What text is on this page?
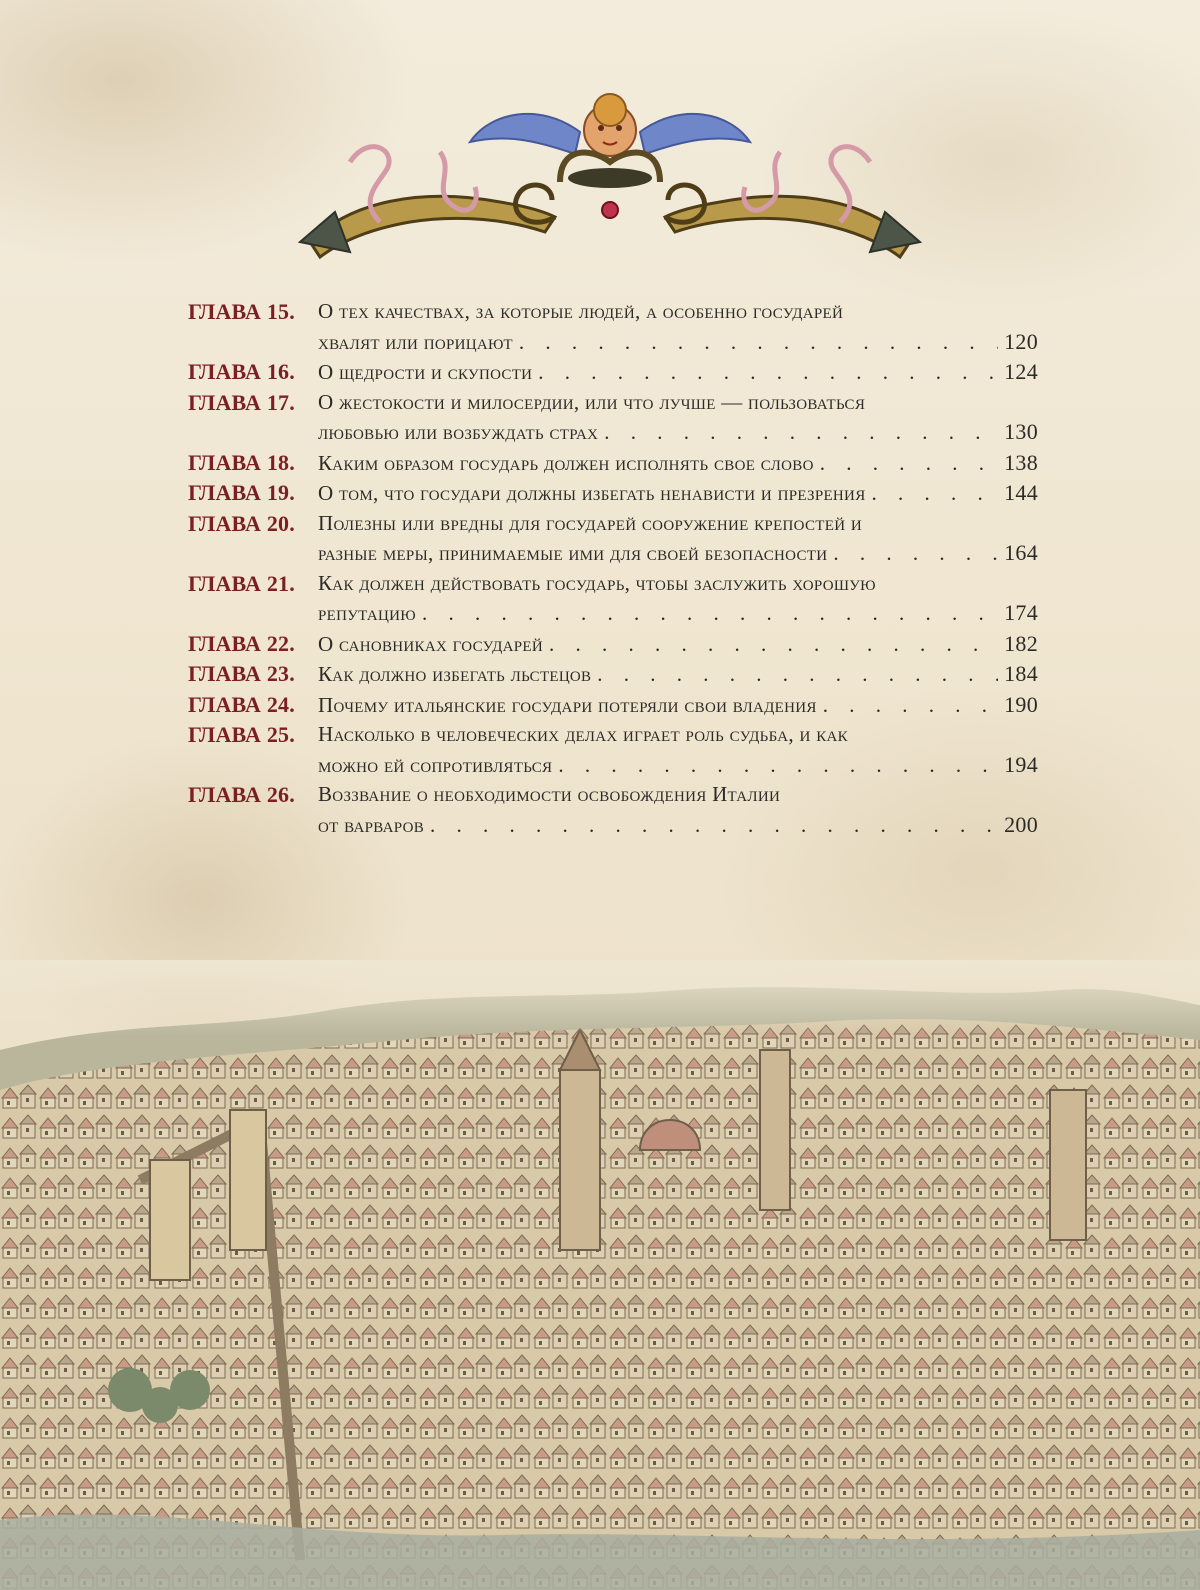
ГЛАВА 15.	О тех качествах, за которые людей, а особенно государей
хвалят или порицают . . .	120
ГЛАВА 16.	О щедрости и скупости . . .	124
ГЛАВА 17.	О жестокости и милосердии, или что лучше — пользоваться
любовью или возбуждать страх . . .	130
ГЛАВА 18.	Каким образом государь должен исполнять свое слово . . .	138
ГЛАВА 19.	О том, что государи должны избегать ненависти и презрения . . .	144
ГЛАВА 20.	Полезны или вредны для государей сооружение крепостей и
разные меры, принимаемые ими для своей безопасности . . .	164
ГЛАВА 21.	Как должен действовать государь, чтобы заслужить хорошую
репутацию . . .	174
ГЛАВА 22.	О сановниках государей . . .	182
ГЛАВА 23.	Как должно избегать льстецов . . .	184
ГЛАВА 24.	Почему итальянские государи потеряли свои владения . . .	190
ГЛАВА 25.	Насколько в человеческих делах играет роль судьба, и как
можно ей сопротивляться . . .	194
ГЛАВА 26.	Воззвание о необходимости освобождения Италии
от варваров . . .	200
